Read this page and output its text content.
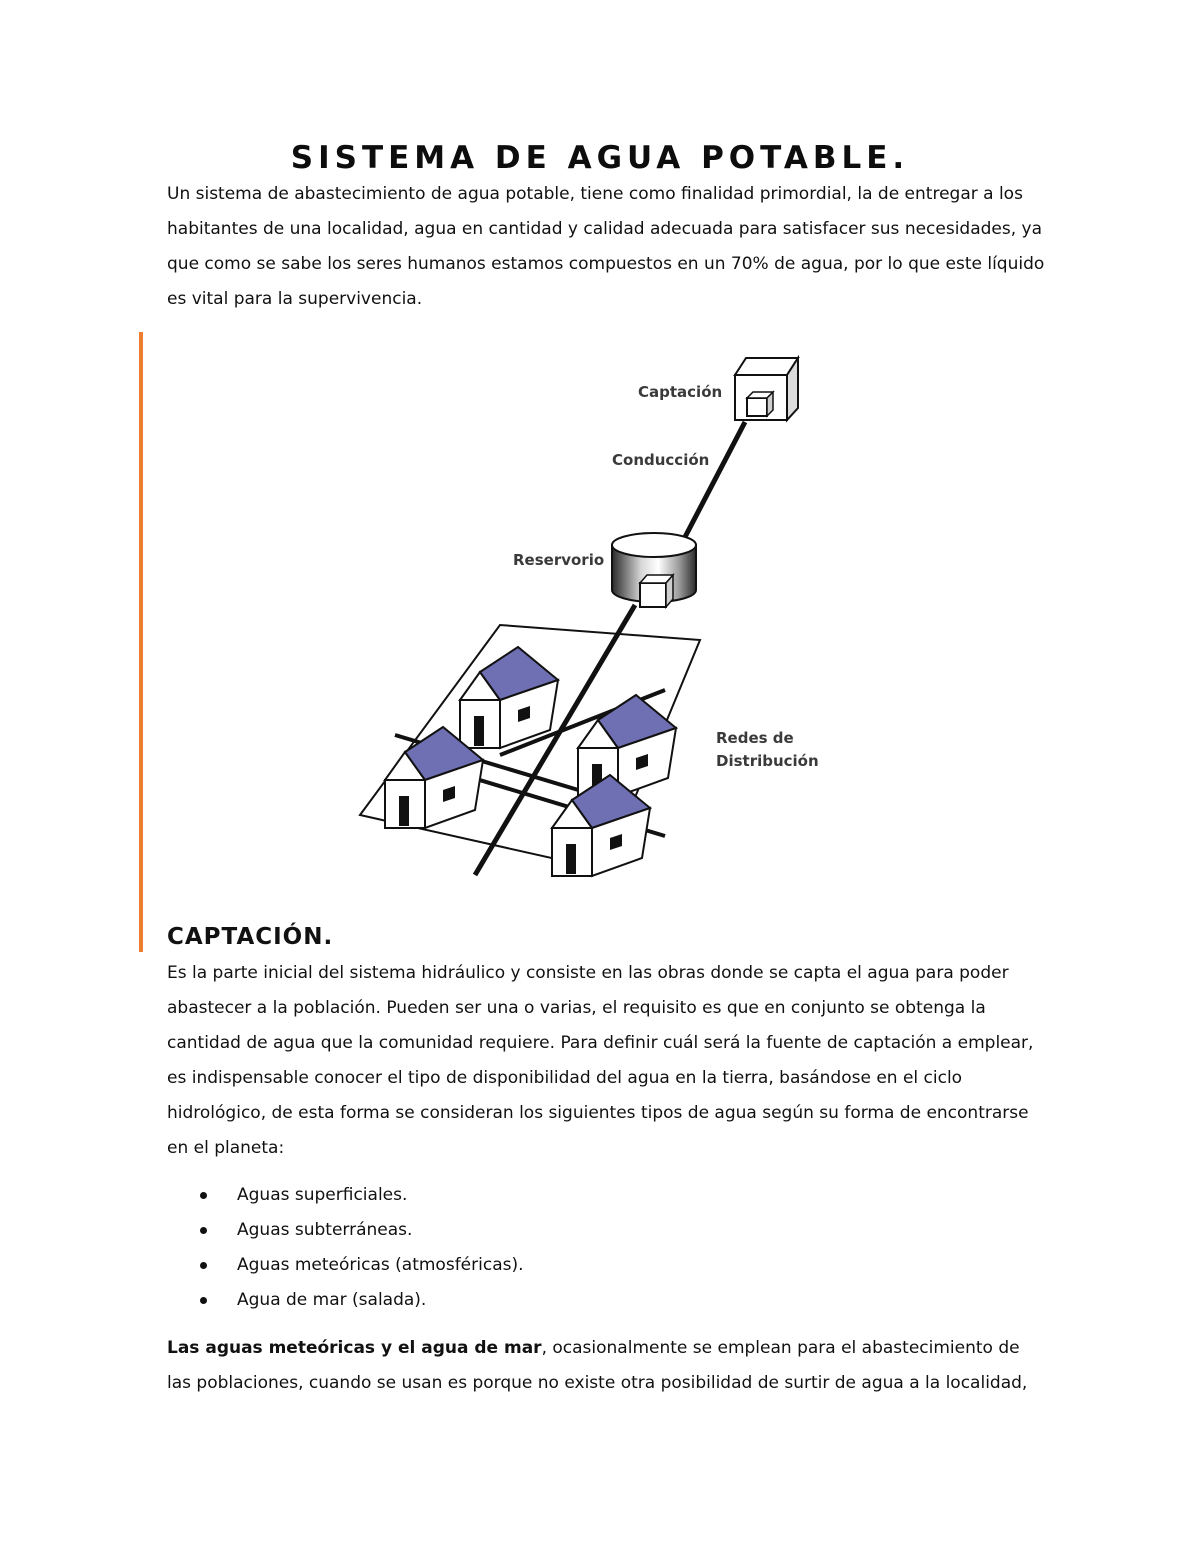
SISTEMA DE AGUA POTABLE.

Un sistema de abastecimiento de agua potable, tiene como finalidad primordial, la de entregar a los habitantes de una localidad, agua en cantidad y calidad adecuada para satisfacer sus necesidades, ya que como se sabe los seres humanos estamos compuestos en un 70% de agua, por lo que este líquido es vital para la supervivencia.

Captación
Conducción
Reservorio
Redes de
Distribución
CAPTACIÓN.

Es la parte inicial del sistema hidráulico y consiste en las obras donde se capta el agua para poder abastecer a la población. Pueden ser una o varias, el requisito es que en conjunto se obtenga la cantidad de agua que la comunidad requiere. Para definir cuál será la fuente de captación a emplear, es indispensable conocer el tipo de disponibilidad del agua en la tierra, basándose en el ciclo hidrológico, de esta forma se consideran los siguientes tipos de agua según su forma de encontrarse en el planeta:

Aguas superficiales.
Aguas subterráneas.
Aguas meteóricas (atmosféricas).
Agua de mar (salada).

Las aguas meteóricas y el agua de mar, ocasionalmente se emplean para el abastecimiento de las poblaciones, cuando se usan es porque no existe otra posibilidad de surtir de agua a la localidad,
